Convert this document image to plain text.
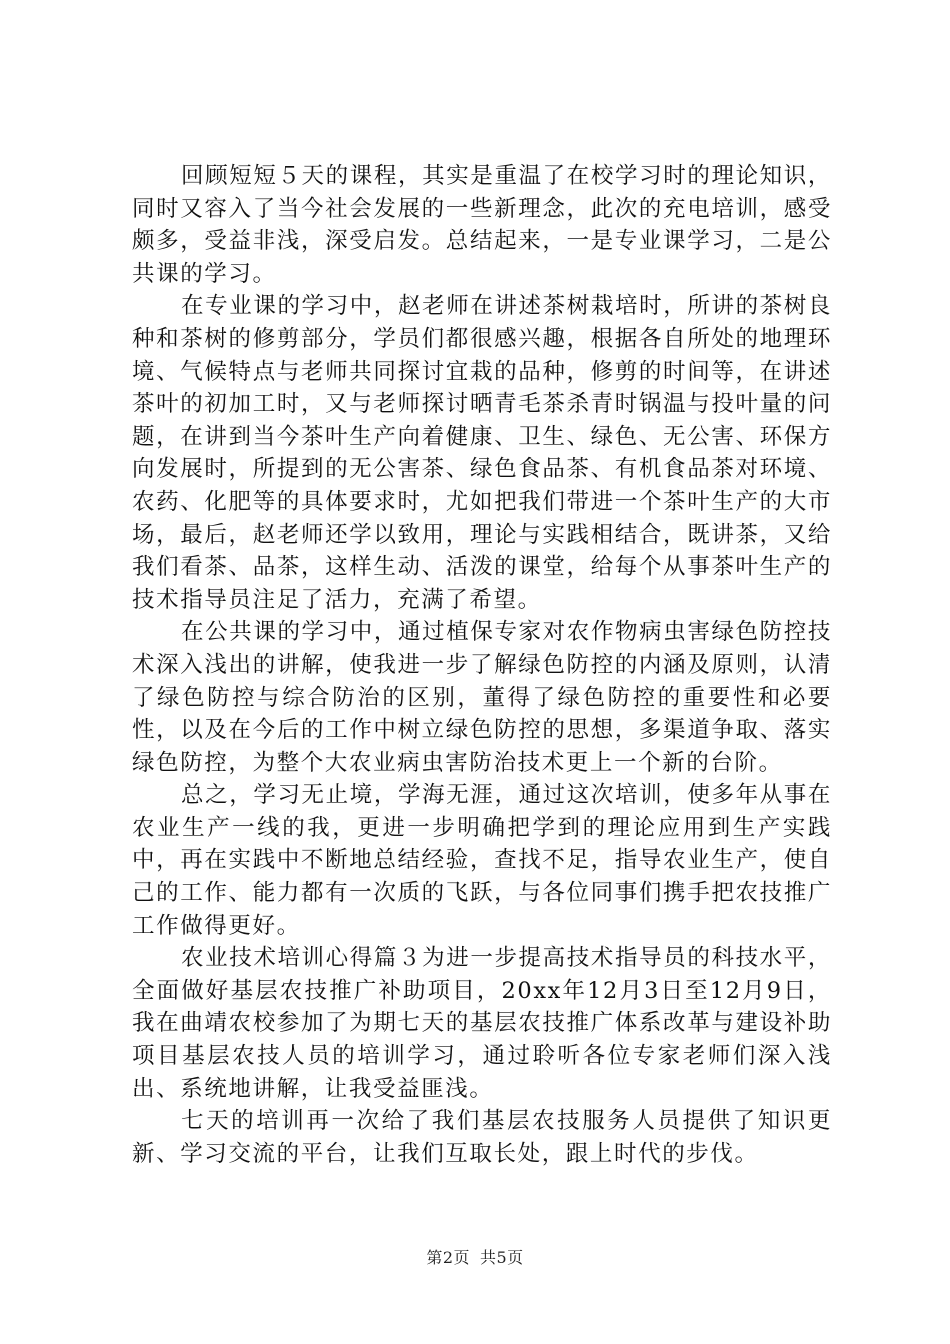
回顾短短５天的课程，其实是重温了在校学习时的理论知识，同时又容入了当今社会发展的一些新理念，此次的充电培训，感受颇多，受益非浅，深受启发。总结起来，一是专业课学习，二是公共课的学习。

在专业课的学习中，赵老师在讲述茶树栽培时，所讲的茶树良种和茶树的修剪部分，学员们都很感兴趣，根据各自所处的地理环境、气候特点与老师共同探讨宜栽的品种，修剪的时间等，在讲述茶叶的初加工时，又与老师探讨晒青毛茶杀青时锅温与投叶量的问题，在讲到当今茶叶生产向着健康、卫生、绿色、无公害、环保方向发展时，所提到的无公害茶、绿色食品茶、有机食品茶对环境、农药、化肥等的具体要求时，尤如把我们带进一个茶叶生产的大市场，最后，赵老师还学以致用，理论与实践相结合，既讲茶，又给我们看茶、品茶，这样生动、活泼的课堂，给每个从事茶叶生产的技术指导员注足了活力，充满了希望。

在公共课的学习中，通过植保专家对农作物病虫害绿色防控技术深入浅出的讲解，使我进一步了解绿色防控的内涵及原则，认清了绿色防控与综合防治的区别，董得了绿色防控的重要性和必要性，以及在今后的工作中树立绿色防控的思想，多渠道争取、落实绿色防控，为整个大农业病虫害防治技术更上一个新的台阶。

总之，学习无止境，学海无涯，通过这次培训，使多年从事在农业生产一线的我，更进一步明确把学到的理论应用到生产实践中，再在实践中不断地总结经验，查找不足，指导农业生产，使自己的工作、能力都有一次质的飞跃，与各位同事们携手把农技推广工作做得更好。

农业技术培训心得篇３为进一步提高技术指导员的科技水平，全面做好基层农技推广补助项目，20xx年12月3日至12月9日，我在曲靖农校参加了为期七天的基层农技推广体系改革与建设补助项目基层农技人员的培训学习，通过聆听各位专家老师们深入浅出、系统地讲解，让我受益匪浅。

七天的培训再一次给了我们基层农技服务人员提供了知识更新、学习交流的平台，让我们互取长处，跟上时代的步伐。

第2页 共5页
